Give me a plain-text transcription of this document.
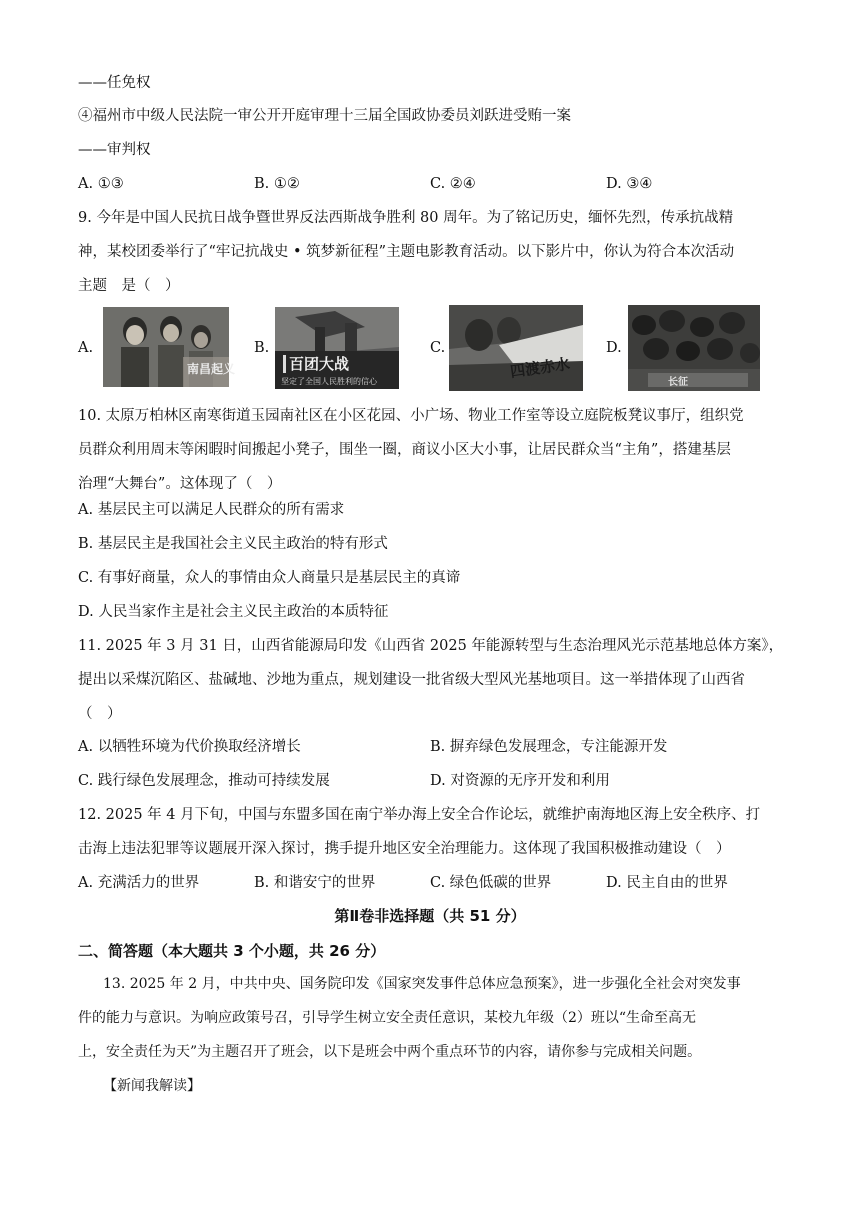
——任免权
④福州市中级人民法院一审公开开庭审理十三届全国政协委员刘跃进受贿一案
——审判权
A. ①③	B. ①②	C. ②④	D. ③④
9. 今年是中国人民抗日战争暨世界反法西斯战争胜利 80 周年。为了铭记历史，缅怀先烈，传承抗战精
神，某校团委举行了“牢记抗战史 • 筑梦新征程”主题电影教育活动。以下影片中，你认为符合本次活动
主题　是（　）
A.
南昌起义
B.
百团大战
坚定了全国人民胜利的信心
C.
四渡赤水
D.
长征
10. 太原万柏林区南寒街道玉园南社区在小区花园、小广场、物业工作室等设立庭院板凳议事厅，组织党
员群众利用周末等闲暇时间搬起小凳子，围坐一圈，商议小区大小事，让居民群众当“主角”，搭建基层
治理“大舞台”。这体现了（　）
A. 基层民主可以满足人民群众的所有需求
B. 基层民主是我国社会主义民主政治的特有形式
C. 有事好商量，众人的事情由众人商量只是基层民主的真谛
D. 人民当家作主是社会主义民主政治的本质特征
11. 2025 年 3 月 31 日，山西省能源局印发《山西省 2025 年能源转型与生态治理风光示范基地总体方案》，
提出以采煤沉陷区、盐碱地、沙地为重点，规划建设一批省级大型风光基地项目。这一举措体现了山西省
（　）
A. 以牺牲环境为代价换取经济增长	B. 摒弃绿色发展理念，专注能源开发
C. 践行绿色发展理念，推动可持续发展	D. 对资源的无序开发和利用
12. 2025 年 4 月下旬，中国与东盟多国在南宁举办海上安全合作论坛，就维护南海地区海上安全秩序、打
击海上违法犯罪等议题展开深入探讨，携手提升地区安全治理能力。这体现了我国积极推动建设（　）
A. 充满活力的世界	B. 和谐安宁的世界	C. 绿色低碳的世界	D. 民主自由的世界
第Ⅱ卷非选择题（共 51 分）
二、简答题（本大题共 3 个小题，共 26 分）
13. 2025 年 2 月，中共中央、国务院印发《国家突发事件总体应急预案》，进一步强化全社会对突发事
件的能力与意识。为响应政策号召，引导学生树立安全责任意识，某校九年级（2）班以“生命至高无
上，安全责任为天”为主题召开了班会，以下是班会中两个重点环节的内容，请你参与完成相关问题。
【新闻我解读】
